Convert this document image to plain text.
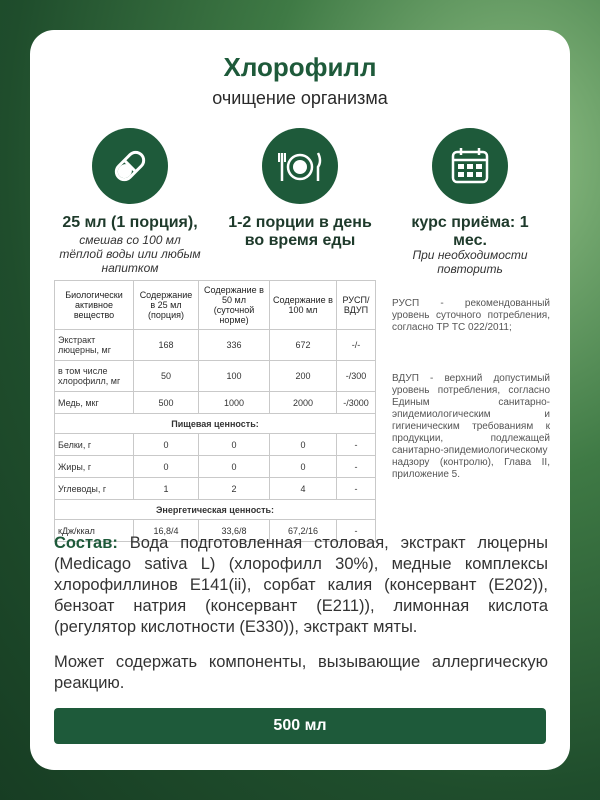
Хлорофилл
очищение организма
25 мл (1 порция),
смешав со 100 мл тёплой воды или любым напитком
1-2 порции в день во время еды
курс приёма: 1 мес.
При необходимости повторить
Биологически активное вещество	Содержание в 25 мл (порция)	Содержание в 50 мл (суточной норме)	Содержание в 100 мл	РУСП/ ВДУП
Экстракт люцерны, мг	168	336	672	-/-
в том числе хлорофилл, мг	50	100	200	-/300
Медь, мкг	500	1000	2000	-/3000
Пищевая ценность:				
Белки, г	0	0	0	-
Жиры, г	0	0	0	-
Углеводы, г	1	2	4	-
Энергетическая ценность:				
кДж/ккал	16,8/4	33,6/8	67,2/16	-
РУСП - рекомендованный уровень суточного потребления, согласно ТР ТС 022/2011;
ВДУП - верхний допустимый уровень потребления, согласно Единым санитарно-эпидемиологическим и гигиеническим требованиям к продукции, подлежащей санитарно-эпидемиологическому надзору (контролю), Глава II, приложение 5.
Состав: Вода подготовленная столовая, экстракт люцерны (Medicago sativa L) (хлорофилл 30%), медные комплексы хлорофиллинов E141(ii), сорбат калия (консервант (E202)), бензоат натрия (консервант (E211)), лимонная кислота (регулятор кислотности (E330)), экстракт мяты.
Может содержать компоненты, вызывающие аллергическую реакцию.
500 мл
